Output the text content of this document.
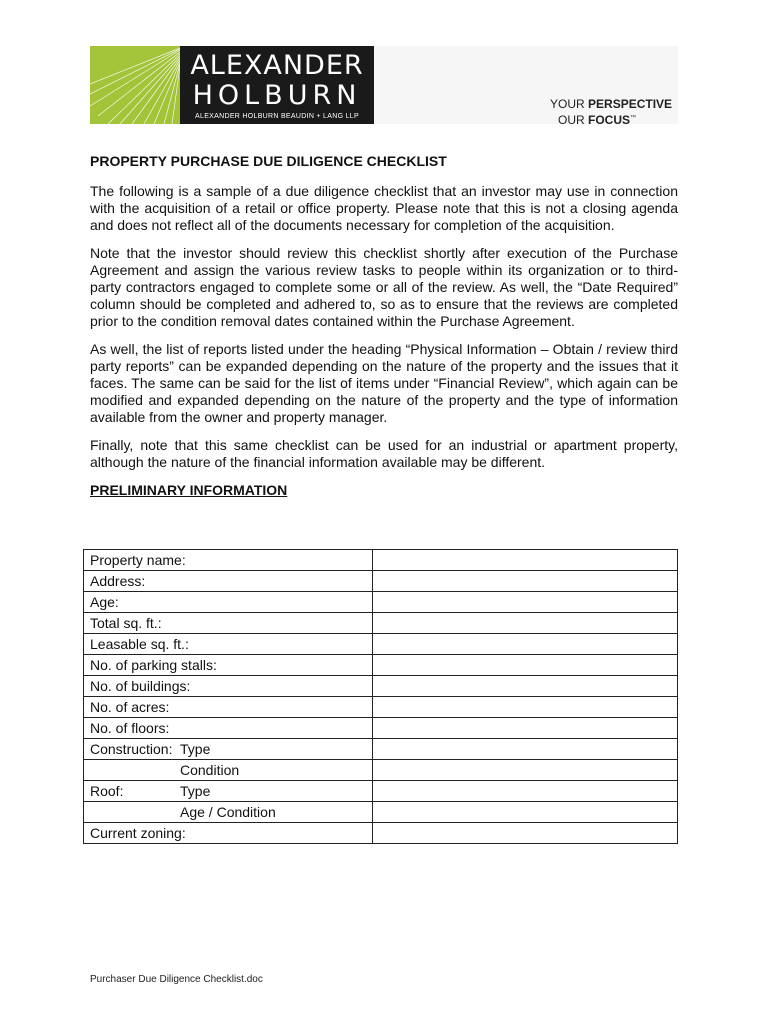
ALEXANDER
HOLBURN
ALEXANDER HOLBURN BEAUDIN + LANG LLP
YOUR PERSPECTIVE
OUR FOCUS™
PROPERTY PURCHASE DUE DILIGENCE CHECKLIST

The following is a sample of a due diligence checklist that an investor may use in connection with the acquisition of a retail or office property. Please note that this is not a closing agenda and does not reflect all of the documents necessary for completion of the acquisition.

Note that the investor should review this checklist shortly after execution of the Purchase Agreement and assign the various review tasks to people within its organization or to third-party contractors engaged to complete some or all of the review. As well, the “Date Required” column should be completed and adhered to, so as to ensure that the reviews are completed prior to the condition removal dates contained within the Purchase Agreement.

As well, the list of reports listed under the heading “Physical Information – Obtain / review third party reports” can be expanded depending on the nature of the property and the issues that it faces. The same can be said for the list of items under “Financial Review”, which again can be modified and expanded depending on the nature of the property and the type of information available from the owner and property manager.

Finally, note that this same checklist can be used for an industrial or apartment property, although the nature of the financial information available may be different.

PRELIMINARY INFORMATION
Property name:	
Address:	
Age:	
Total sq. ft.:	
Leasable sq. ft.:	
No. of parking stalls:	
No. of buildings:	
No. of acres:	
No. of floors:	
Construction: Type	
Condition	
Roof: Type	
Age / Condition	
Current zoning:	
Purchaser Due Diligence Checklist.doc
